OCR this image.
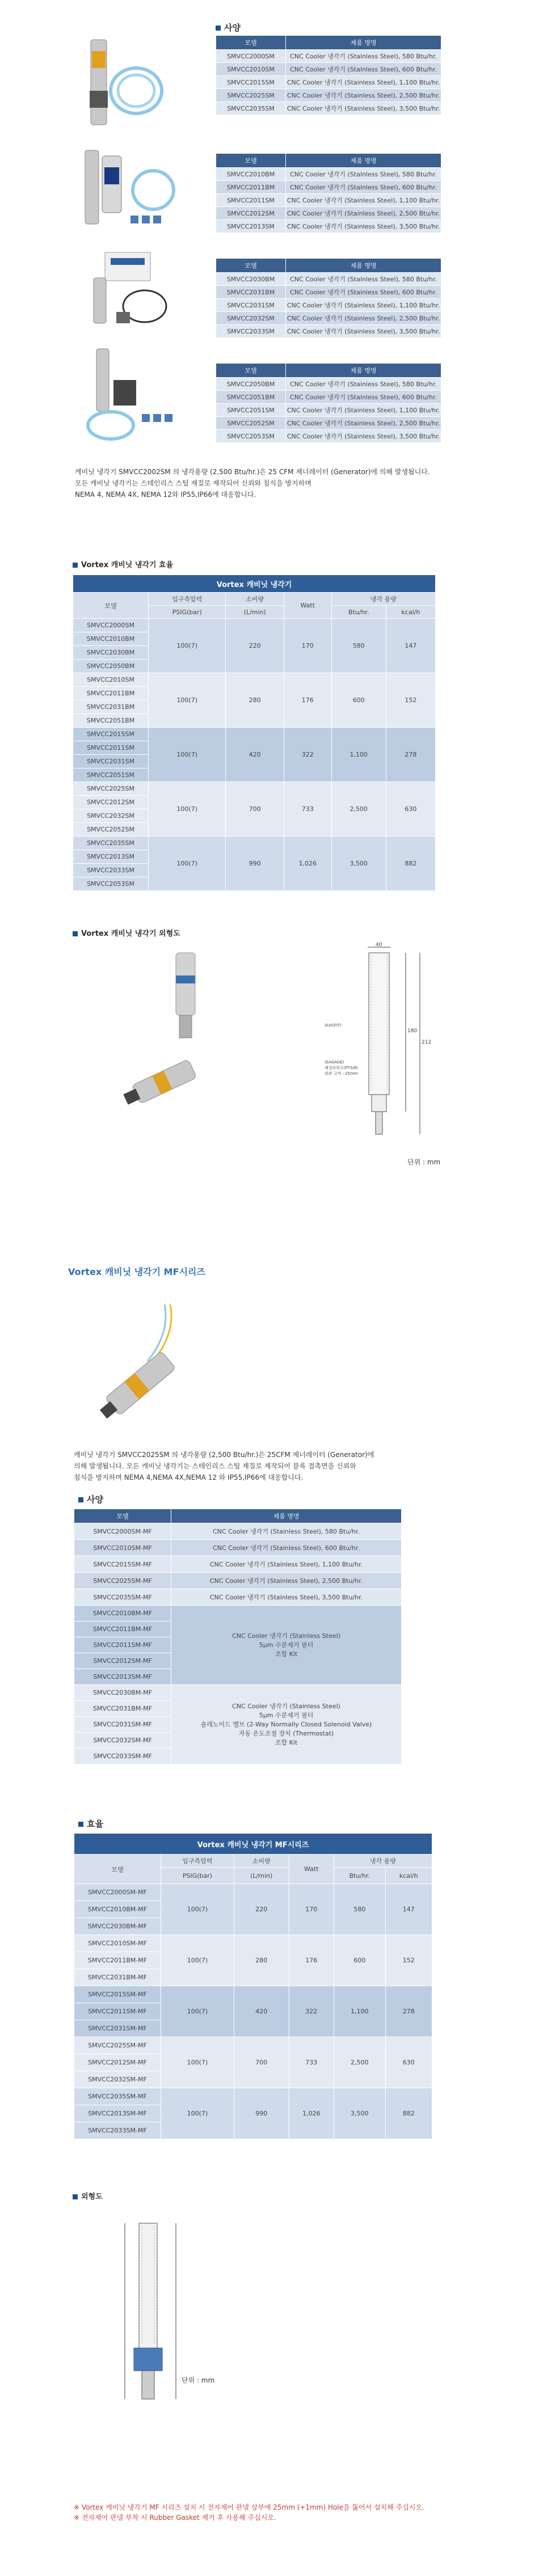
사양
모델	제품 명명
SMVCC2000SM	CNC Cooler 냉각기 (Stainless Steel), 580 Btu/hr.
SMVCC2010SM	CNC Cooler 냉각기 (Stainless Steel), 600 Btu/hr.
SMVCC2015SM	CNC Cooler 냉각기 (Stainless Steel), 1,100 Btu/hr.
SMVCC2025SM	CNC Cooler 냉각기 (Stainless Steel), 2,500 Btu/hr.
SMVCC2035SM	CNC Cooler 냉각기 (Stainless Steel), 3,500 Btu/hr.
모델	제품 명명
SMVCC2010BM	CNC Cooler 냉각기 (Stainless Steel), 580 Btu/hr.
SMVCC2011BM	CNC Cooler 냉각기 (Stainless Steel), 600 Btu/hr.
SMVCC2011SM	CNC Cooler 냉각기 (Stainless Steel), 1,100 Btu/hr.
SMVCC2012SM	CNC Cooler 냉각기 (Stainless Steel), 2,500 Btu/hr.
SMVCC2013SM	CNC Cooler 냉각기 (Stainless Steel), 3,500 Btu/hr.
모델	제품 명명
SMVCC2030BM	CNC Cooler 냉각기 (Stainless Steel), 580 Btu/hr.
SMVCC2031BM	CNC Cooler 냉각기 (Stainless Steel), 600 Btu/hr.
SMVCC2031SM	CNC Cooler 냉각기 (Stainless Steel), 1,100 Btu/hr.
SMVCC2032SM	CNC Cooler 냉각기 (Stainless Steel), 2,500 Btu/hr.
SMVCC2033SM	CNC Cooler 냉각기 (Stainless Steel), 3,500 Btu/hr.
모델	제품 명명
SMVCC2050BM	CNC Cooler 냉각기 (Stainless Steel), 580 Btu/hr.
SMVCC2051BM	CNC Cooler 냉각기 (Stainless Steel), 600 Btu/hr.
SMVCC2051SM	CNC Cooler 냉각기 (Stainless Steel), 1,100 Btu/hr.
SMVCC2052SM	CNC Cooler 냉각기 (Stainless Steel), 2,500 Btu/hr.
SMVCC2053SM	CNC Cooler 냉각기 (Stainless Steel), 3,500 Btu/hr.
캐비닛 냉각기 SMVCC2002SM 의 냉각용량 (2,500 Btu/hr.)은 25 CFM 제너레이터 (Generator)에 의해 발생됩니다.
모든 캐비닛 냉각기는 스테인리스 스틸 재질로 제작되어 신뢰와 침식을 방지하며
NEMA 4, NEMA 4X, NEMA 12와 IP55,IP66에 대응합니다.
Vortex 캐비닛 냉각기 효율
Vortex 캐비닛 냉각기					
모델	입구측압력	소비량	Watt	냉각 용량	
	PSIG(bar)	(L/min)		Btu/hr.	kcal/h
SMVCC2000SM	100(7)	220	170	580	147
SMVCC2010BM					
SMVCC2030BM					
SMVCC2050BM					
SMVCC2010SM	100(7)	280	176	600	152
SMVCC2011BM					
SMVCC2031BM					
SMVCC2051BM					
SMVCC2015SM	100(7)	420	322	1,100	278
SMVCC2011SM					
SMVCC2031SM					
SMVCC2051SM					
SMVCC2025SM	100(7)	700	733	2,500	630
SMVCC2012SM					
SMVCC2032SM					
SMVCC2052SM					
SMVCC2035SM	100(7)	990	1,026	3,500	882
SMVCC2013SM					
SMVCC2033SM					
SMVCC2053SM					
Vortex 캐비닛 냉각기 외형도
40
180
212
SUS(FIT)
(EAGAGE)
체결부위수(PT3/8)
외관 규격 : 25mm
단위 : mm
Vortex 캐비닛 냉각기 MF시리즈
캐비닛 냉각기 SMVCC2025SM 의 냉각용량 (2,500 Btu/hr.)은 25CFM 제너레이터 (Generator)에
의해 발생됩니다. 모든 캐비닛 냉각기는 스테인리스 스틸 재질로 제작되어 블록 접촉면을 신뢰와
침식을 방지하며 NEMA 4,NEMA 4X,NEMA 12 와 IP55,IP66에 대응합니다.
사양
모델	제품 명명
SMVCC2000SM-MF	CNC Cooler 냉각기 (Stainless Steel), 580 Btu/hr.
SMVCC2010SM-MF	CNC Cooler 냉각기 (Stainless Steel), 600 Btu/hr.
SMVCC2015SM-MF	CNC Cooler 냉각기 (Stainless Steel), 1,100 Btu/hr.
SMVCC2025SM-MF	CNC Cooler 냉각기 (Stainless Steel), 2,500 Btu/hr.
SMVCC2035SM-MF	CNC Cooler 냉각기 (Stainless Steel), 3,500 Btu/hr.
SMVCC2010BM-MF	CNC Cooler 냉각기 (Stainless Steel)
5µm 수분제거 필터
조합 Kit

SMVCC2011BM-MF	
SMVCC2011SM-MF	
SMVCC2012SM-MF	
SMVCC2013SM-MF	
SMVCC2030BM-MF	CNC Cooler 냉각기 (Stainless Steel)
5µm 수분제거 필터
솔레노이드 밸브 (2-Way Normally Closed Solenoid Valve)
자동 온도조절 장치 (Thermostat)
조합 Kit

SMVCC2031BM-MF	
SMVCC2031SM-MF	
SMVCC2032SM-MF	
SMVCC2033SM-MF	
효율
Vortex 캐비닛 냉각기 MF시리즈					
모델	입구측압력	소비량	Watt	냉각 용량	
	PSIG(bar)	(L/min)		Btu/hr.	kcal/h
SMVCC2000SM-MF	100(7)	220	170	580	147
SMVCC2010BM-MF					
SMVCC2030BM-MF					
SMVCC2010SM-MF	100(7)	280	176	600	152
SMVCC2011BM-MF					
SMVCC2031BM-MF					
SMVCC2015SM-MF	100(7)	420	322	1,100	278
SMVCC2011SM-MF					
SMVCC2031SM-MF					
SMVCC2025SM-MF	100(7)	700	733	2,500	630
SMVCC2012SM-MF					
SMVCC2032SM-MF					
SMVCC2035SM-MF	100(7)	990	1,026	3,500	882
SMVCC2013SM-MF					
SMVCC2033SM-MF					
외형도
단위 : mm
※ Vortex 캐비닛 냉각기 MF 시리즈 설치 시 전자제어 판넬 상부에 25mm (+1mm) Hole을 뚫어서 설치해 주십시오.
※ 전자제어 판넬 부착 시 Rubber Gasket 제거 후 사용해 주십시오.
